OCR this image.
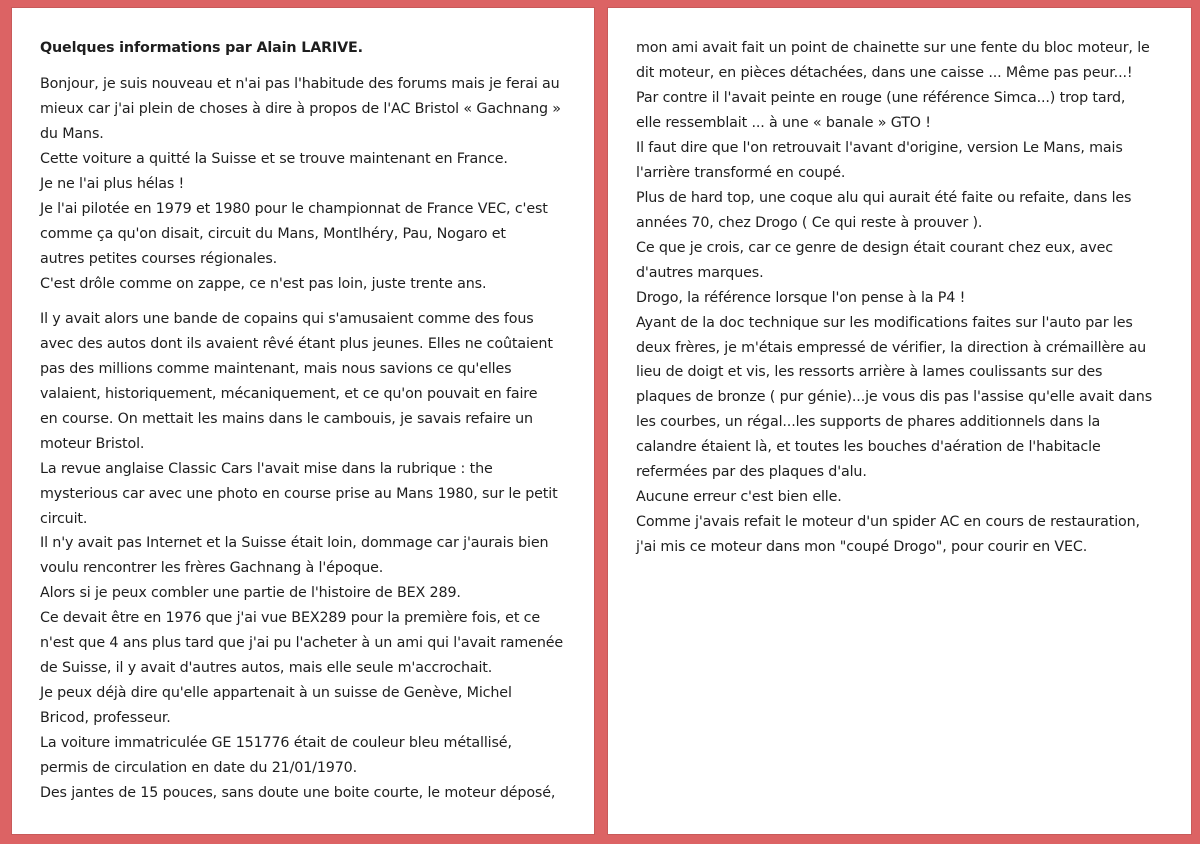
Quelques informations par Alain LARIVE.
Bonjour, je suis nouveau et n'ai pas l'habitude des forums mais je ferai au
mieux car j'ai plein de choses à dire à propos de l'AC Bristol « Gachnang »
du Mans.
Cette voiture a quitté la Suisse et se trouve maintenant en France.
Je ne l'ai plus hélas !
Je l'ai pilotée en 1979 et 1980 pour le championnat de France VEC, c'est
comme ça qu'on disait, circuit du Mans, Montlhéry, Pau, Nogaro et
autres petites courses régionales.
C'est drôle comme on zappe, ce n'est pas loin, juste trente ans.
Il y avait alors une bande de copains qui s'amusaient comme des fous
avec des autos dont ils avaient rêvé étant plus jeunes. Elles ne coûtaient
pas des millions comme maintenant, mais nous savions ce qu'elles
valaient, historiquement, mécaniquement, et ce qu'on pouvait en faire
en course. On mettait les mains dans le cambouis, je savais refaire un
moteur Bristol.
La revue anglaise Classic Cars l'avait mise dans la rubrique : the
mysterious car avec une photo en course prise au Mans 1980, sur le petit
circuit.
Il n'y avait pas Internet et la Suisse était loin, dommage car j'aurais bien
voulu rencontrer les frères Gachnang à l'époque.
Alors si je peux combler une partie de l'histoire de BEX 289.
Ce devait être en 1976 que j'ai vue BEX289 pour la première fois, et ce
n'est que 4 ans plus tard que j'ai pu l'acheter à un ami qui l'avait ramenée
de Suisse, il y avait d'autres autos, mais elle seule m'accrochait.
Je peux déjà dire qu'elle appartenait à un suisse de Genève, Michel
Bricod, professeur.
La voiture immatriculée GE 151776 était de couleur bleu métallisé,
permis de circulation en date du 21/01/1970.
Des jantes de 15 pouces, sans doute une boite courte, le moteur déposé,
mon ami avait fait un point de chainette sur une fente du bloc moteur, le
dit moteur, en pièces détachées, dans une caisse ... Même pas peur...!
Par contre il l'avait peinte en rouge (une référence Simca...) trop tard,
elle ressemblait ... à une « banale » GTO !
Il faut dire que l'on retrouvait l'avant d'origine, version Le Mans, mais
l'arrière transformé en coupé.
Plus de hard top, une coque alu qui aurait été faite ou refaite, dans les
années 70, chez Drogo ( Ce qui reste à prouver ).
Ce que je crois, car ce genre de design était courant chez eux, avec
d'autres marques.
Drogo, la référence lorsque l'on pense à la P4 !
Ayant de la doc technique sur les modifications faites sur l'auto par les
deux frères, je m'étais empressé de vérifier, la direction à crémaillère au
lieu de doigt et vis, les ressorts arrière à lames coulissants sur des
plaques de bronze ( pur génie)...je vous dis pas l'assise qu'elle avait dans
les courbes, un régal...les supports de phares additionnels dans la
calandre étaient là, et toutes les bouches d'aération de l'habitacle
refermées par des plaques d'alu.
Aucune erreur c'est bien elle.
Comme j'avais refait le moteur d'un spider AC en cours de restauration,
j'ai mis ce moteur dans mon "coupé Drogo", pour courir en VEC.
